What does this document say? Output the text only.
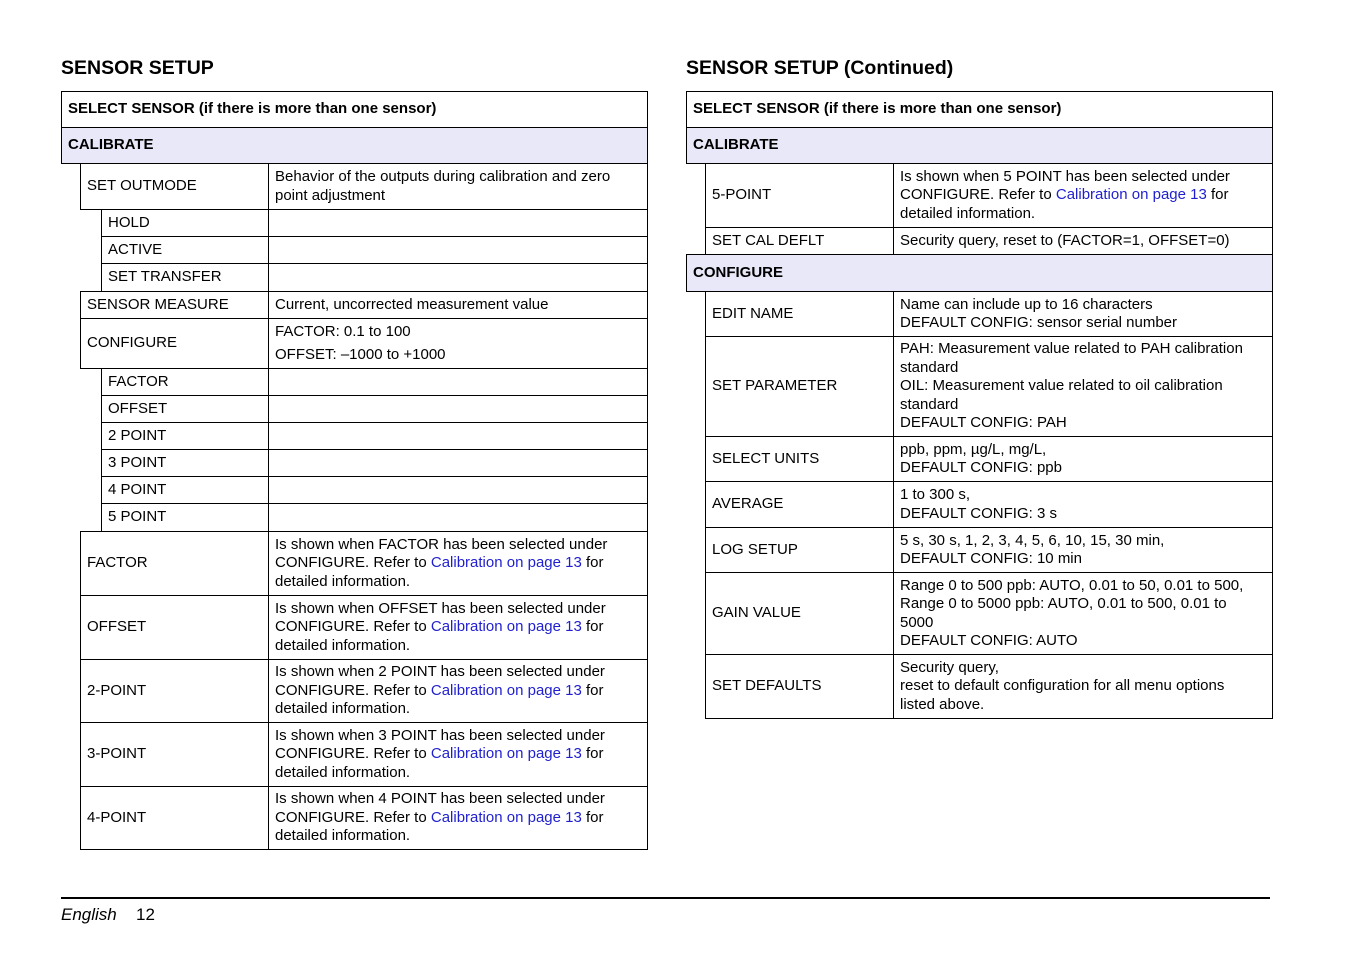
SENSOR SETUP
SELECT SENSOR (if there is more than one sensor)
CALIBRATE
SET OUTMODE
Behavior of the outputs during calibration and zero point adjustment
HOLD
ACTIVE
SET TRANSFER
SENSOR MEASURE	Current, uncorrected measurement value
CONFIGURE
FACTOR: 0.1 to 100
OFFSET: –1000 to +1000
FACTOR
OFFSET
2 POINT
3 POINT
4 POINT
5 POINT
FACTOR
Is shown when FACTOR has been selected under
CONFIGURE. Refer to Calibration on page 13 for
detailed information.
OFFSET
Is shown when OFFSET has been selected under
CONFIGURE. Refer to Calibration on page 13 for
detailed information.
2-POINT
Is shown when 2 POINT has been selected under
CONFIGURE. Refer to Calibration on page 13 for
detailed information.
3-POINT
Is shown when 3 POINT has been selected under
CONFIGURE. Refer to Calibration on page 13 for
detailed information.
4-POINT
Is shown when 4 POINT has been selected under
CONFIGURE. Refer to Calibration on page 13 for
detailed information.
SENSOR SETUP (Continued)
SELECT SENSOR (if there is more than one sensor)
CALIBRATE
5-POINT
Is shown when 5 POINT has been selected under
CONFIGURE. Refer to Calibration on page 13 for
detailed information.
SET CAL DEFLT	Security query, reset to (FACTOR=1, OFFSET=0)
CONFIGURE
EDIT NAME
Name can include up to 16 characters
DEFAULT CONFIG: sensor serial number
SET PARAMETER
PAH: Measurement value related to PAH calibration
standard
OIL: Measurement value related to oil calibration
standard
DEFAULT CONFIG: PAH
SELECT UNITS
ppb, ppm, µg/L, mg/L,
DEFAULT CONFIG: ppb
AVERAGE
1 to 300 s,
DEFAULT CONFIG: 3 s
LOG SETUP
5 s, 30 s, 1, 2, 3, 4, 5, 6, 10, 15, 30 min,
DEFAULT CONFIG: 10 min
GAIN VALUE
Range 0 to 500 ppb: AUTO, 0.01 to 50, 0.01 to 500,
Range 0 to 5000 ppb: AUTO, 0.01 to 500, 0.01 to
5000
DEFAULT CONFIG: AUTO
SET DEFAULTS
Security query,
reset to default configuration for all menu options
listed above.
English 12
